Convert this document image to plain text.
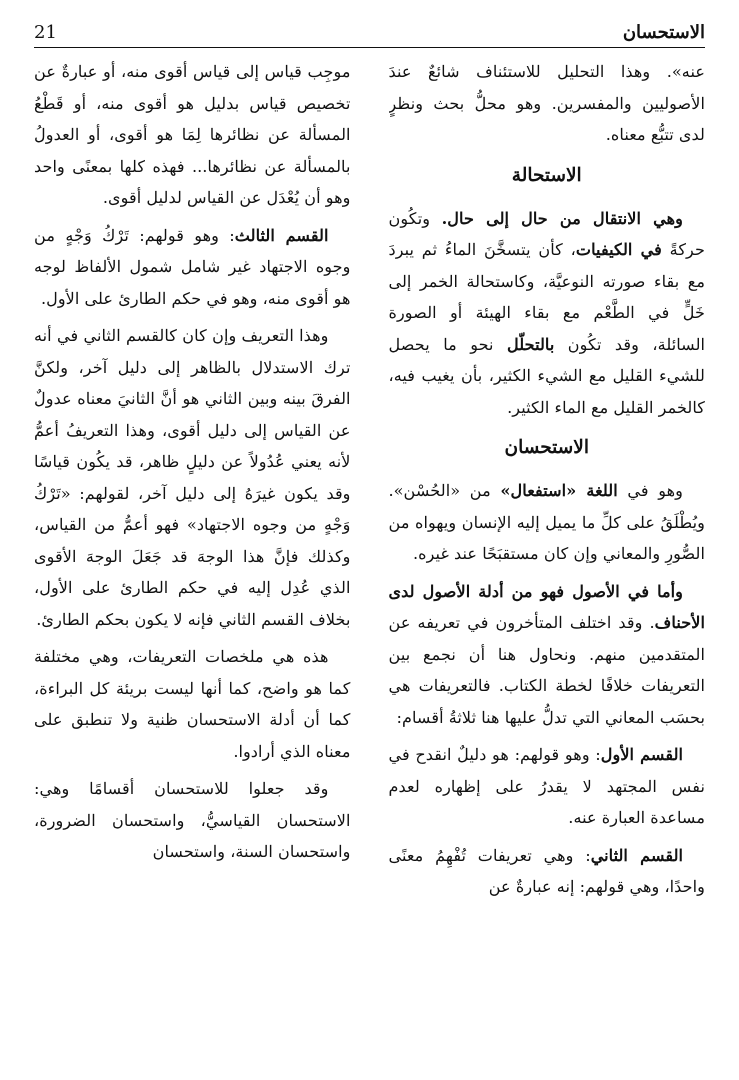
الاستحسان
21

عنه». وهذا التحليل للاستئناف شائعٌ عندَ الأصوليين والمفسرين. وهو محلُّ بحث ونظرٍ لدى تتبُّع معناه.

الاستحالة

وهي الانتقال من حال إلى حال. وتكُون حركةً في الكيفيات، كأن يتسخَّنَ الماءُ ثم يبردَ مع بقاء صورته النوعيَّة، وكاستحالة الخمر إلى خَلٍّ في الطَّعْم مع بقاء الهيئة أو الصورة السائلة، وقد تكُون بالتحلّل نحو ما يحصل للشيء القليل مع الشيء الكثير، بأن يغيب فيه، كالخمر القليل مع الماء الكثير.

الاستحسان

وهو في اللغة «استفعال» من «الحُسْن». ويُطْلَقُ على كلِّ ما يميل إليه الإنسان ويهواه من الصُّورِ والمعاني وإن كان مستقبَحًا عند غيره.

وأما في الأصول فهو من أدلة الأصول لدى الأحناف. وقد اختلف المتأخرون في تعريفه عن المتقدمين منهم. ونحاول هنا أن نجمع بين التعريفات خلافًا لخطة الكتاب. فالتعريفات هي بحسَب المعاني التي تدلُّ عليها هنا ثلاثةُ أقسام:

القسم الأول: وهو قولهم: هو دليلٌ انقدح في نفس المجتهد لا يقدرُ على إظهاره لعدم مساعدة العبارة عنه.

القسم الثاني: وهي تعريفات تُفْهِمُ معنًى واحدًا، وهي قولهم: إنه عبارةٌ عن

موجِب قياس إلى قياس أقوى منه، أو عبارةٌ عن تخصيص قياس بدليل هو أقوى منه، أو قَطْعُ المسألة عن نظائرها لِمَا هو أقوى، أو العدولُ بالمسألة عن نظائرها... فهذه كلها بمعنًى واحد وهو أن يُعْدَل عن القياس لدليل أقوى.

القسم الثالث: وهو قولهم: تَرْكُ وَجْهٍ من وجوه الاجتهاد غير شامل شمول الألفاظ لوجه هو أقوى منه، وهو في حكم الطارئ على الأول.

وهذا التعريف وإن كان كالقسم الثاني في أنه ترك الاستدلال بالظاهر إلى دليل آخر، ولكنَّ الفرقَ بينه وبين الثاني هو أنَّ الثانيَ معناه عدولٌ عن القياس إلى دليل أقوى، وهذا التعريفُ أعمُّ لأنه يعني عُدُولاً عن دليلٍ ظاهر، قد يكُون قياسًا وقد يكون غيرَهُ إلى دليل آخر، لقولهم: «تَرْكُ وَجْهٍ من وجوه الاجتهاد» فهو أعمُّ من القياس، وكذلك فإنَّ هذا الوجهَ قد جَعَلَ الوجهَ الأقوى الذي عُدِل إليه في حكم الطارئ على الأول، بخلاف القسم الثاني فإنه لا يكون بحكم الطارئ.

هذه هي ملخصات التعريفات، وهي مختلفة كما هو واضح، كما أنها ليست بريئة كل البراءة، كما أن أدلة الاستحسان ظنية ولا تنطبق على معناه الذي أرادوا.

وقد جعلوا للاستحسان أقسامًا وهي: الاستحسان القياسيُّ، واستحسان الضرورة، واستحسان السنة، واستحسان
